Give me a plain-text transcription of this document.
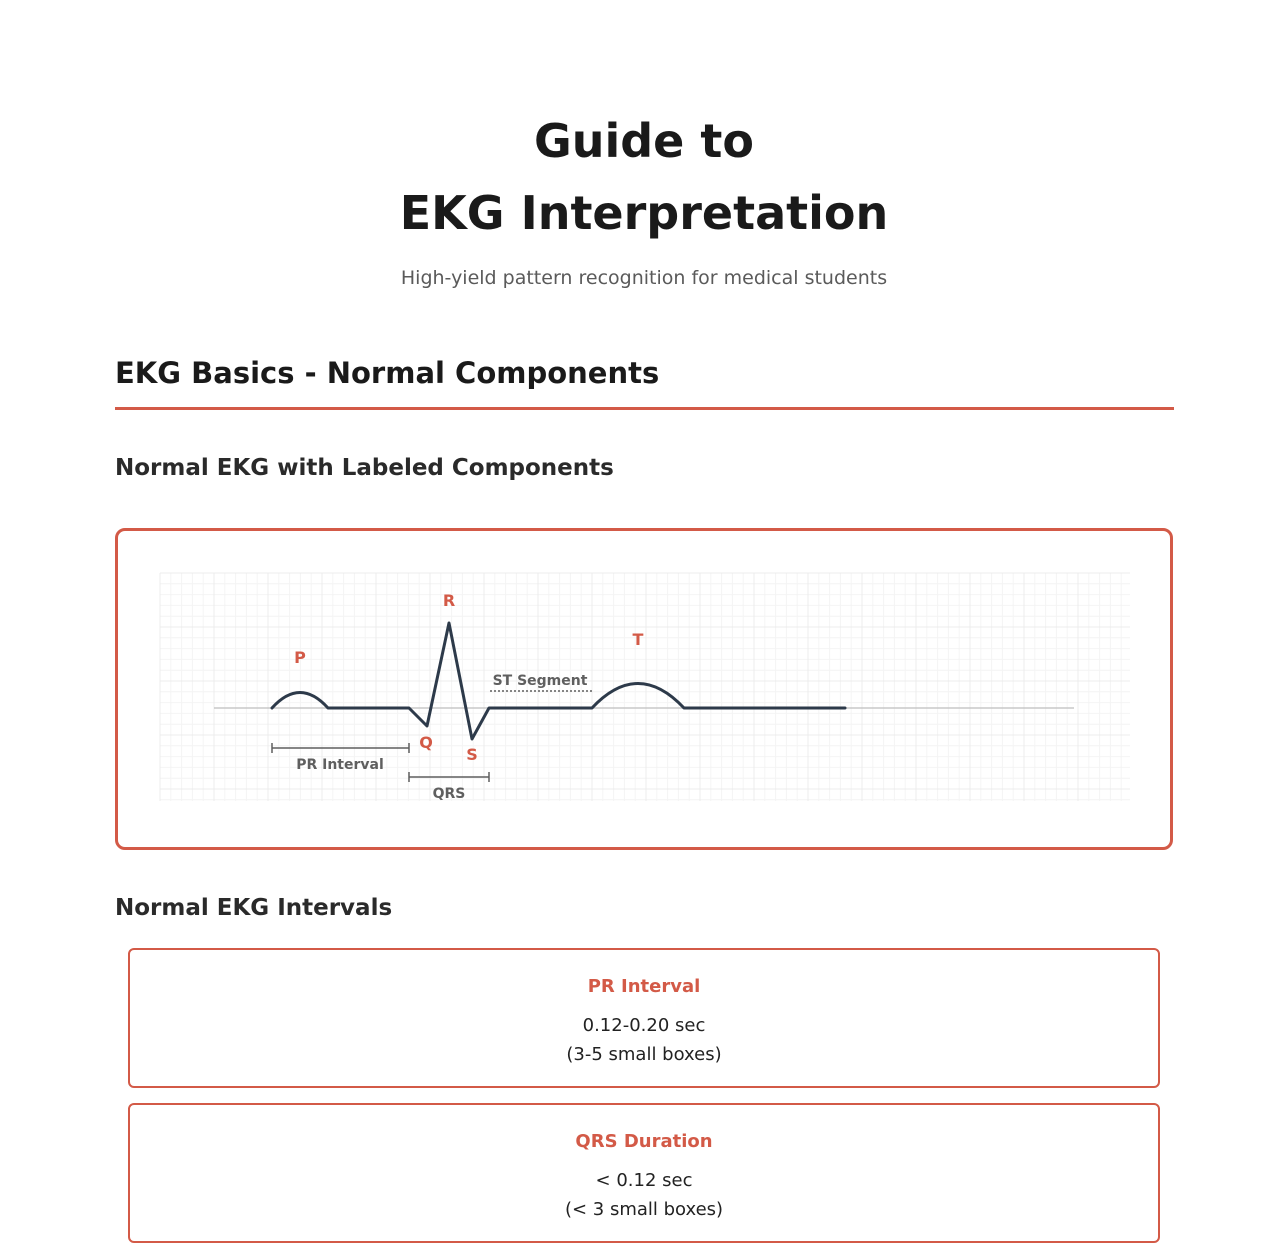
Guide to
EKG Interpretation
High-yield pattern recognition for medical students
EKG Basics - Normal Components
Normal EKG with Labeled Components
ST Segment
PR Interval
QRS
P
R
Q
S
T
Normal EKG Intervals
PR Interval
0.12-0.20 sec
(3-5 small boxes)
QRS Duration
< 0.12 sec
(< 3 small boxes)
